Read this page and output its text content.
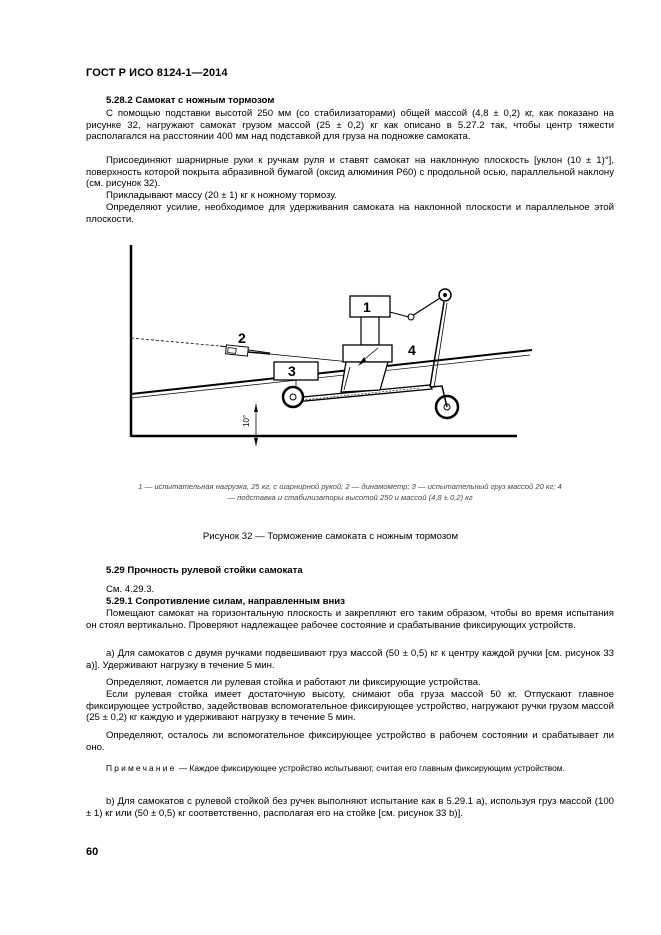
ГОСТ Р ИСО 8124-1—2014
5.28.2 Самокат с ножным тормозом
С помощью подставки высотой 250 мм (со стабилизаторами) общей массой (4,8 ± 0,2) кг, как показано на рисунке 32, нагружают самокат грузом массой (25 ± 0,2) кг как описано в 5.27.2 так, чтобы центр тяжести располагался на расстоянии 400 мм над подставкой для груза на подножке самоката.
Присоединяют шарнирные руки к ручкам руля и ставят самокат на наклонную плоскость [уклон (10 ± 1)°], поверхность которой покрыта абразивной бумагой (оксид алюминия Р60) с продольной осью, параллельной наклону (см. рисунок 32).
Прикладывают массу (20 ± 1) кг к ножному тормозу.
Определяют усилие, необходимое для удерживания самоката на наклонной плоскости и параллельное этой плоскости.
10°
1
4
3
2
1 — испытательная нагрузка, 25 кг, с шарнирной рукой; 2 — динамометр; 3 — испытательный груз массой 20 кг; 4
— подставка и стабилизаторы высотой 250 и массой (4,8 ± 0,2) кг
Рисунок 32 — Торможение самоката с ножным тормозом
5.29 Прочность рулевой стойки самоката
См. 4.29.3.
5.29.1 Сопротивление силам, направленным вниз
Помещают самокат на горизонтальную плоскость и закрепляют его таким образом, чтобы во время испытания он стоял вертикально. Проверяют надлежащее рабочее состояние и срабатывание фиксирующих устройств.
а) Для самокатов с двумя ручками подвешивают груз массой (50 ± 0,5) кг к центру каждой ручки [см. рисунок 33 а)]. Удерживают нагрузку в течение 5 мин.
Определяют, ломается ли рулевая стойка и работают ли фиксирующие устройства.
Если рулевая стойка имеет достаточную высоту, снимают оба груза массой 50 кг. Отпускают главное фиксирующее устройство, задействовав вспомогательное фиксирующее устройство, нагружают ручки грузом массой (25 ± 0,2) кг каждую и удерживают нагрузку в течение 5 мин.
Определяют, осталось ли вспомогательное фиксирующее устройство в рабочем состоянии и срабатывает ли оно.
Примечание — Каждое фиксирующее устройство испытывают, считая его главным фиксирующим устройством.
b) Для самокатов с рулевой стойкой без ручек выполняют испытание как в 5.29.1 а), используя груз массой (100 ± 1) кг или (50 ± 0,5) кг соответственно, располагая его на стойке [см. рисунок 33 b)].
60
